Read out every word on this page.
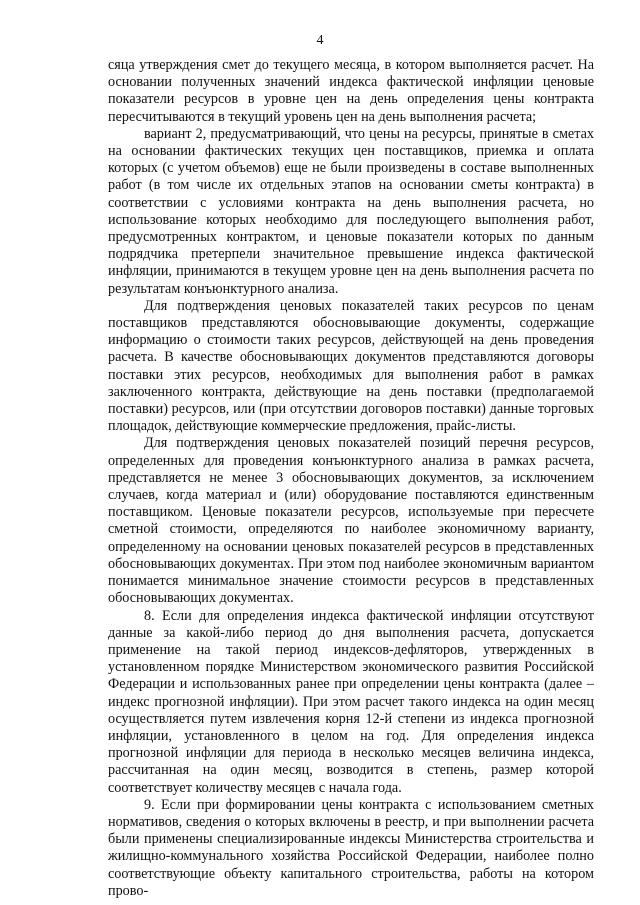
4

сяца утверждения смет до текущего месяца, в котором выполняется расчет. На основании полученных значений индекса фактической инфляции ценовые показатели ресурсов в уровне цен на день определения цены контракта пересчитываются в текущий уровень цен на день выполнения расчета;

вариант 2, предусматривающий, что цены на ресурсы, принятые в сметах на основании фактических текущих цен поставщиков, приемка и оплата которых (с учетом объемов) еще не были произведены в составе выполненных работ (в том числе их отдельных этапов на основании сметы контракта) в соответствии с условиями контракта на день выполнения расчета, но использование которых необходимо для последующего выполнения работ, предусмотренных контрактом, и ценовые показатели которых по данным подрядчика претерпели значительное превышение индекса фактической инфляции, принимаются в текущем уровне цен на день выполнения расчета по результатам конъюнктурного анализа.

Для подтверждения ценовых показателей таких ресурсов по ценам поставщиков представляются обосновывающие документы, содержащие информацию о стоимости таких ресурсов, действующей на день проведения расчета. В качестве обосновывающих документов представляются договоры поставки этих ресурсов, необходимых для выполнения работ в рамках заключенного контракта, действующие на день поставки (предполагаемой поставки) ресурсов, или (при отсутствии договоров поставки) данные торговых площадок, действующие коммерческие предложения, прайс-листы.

Для подтверждения ценовых показателей позиций перечня ресурсов, определенных для проведения конъюнктурного анализа в рамках расчета, представляется не менее 3 обосновывающих документов, за исключением случаев, когда материал и (или) оборудование поставляются единственным поставщиком. Ценовые показатели ресурсов, используемые при пересчете сметной стоимости, определяются по наиболее экономичному варианту, определенному на основании ценовых показателей ресурсов в представленных обосновывающих документах. При этом под наиболее экономичным вариантом понимается минимальное значение стоимости ресурсов в представленных обосновывающих документах.

8. Если для определения индекса фактической инфляции отсутствуют данные за какой-либо период до дня выполнения расчета, допускается применение на такой период индексов-дефляторов, утвержденных в установленном порядке Министерством экономического развития Российской Федерации и использованных ранее при определении цены контракта (далее – индекс прогнозной инфляции). При этом расчет такого индекса на один месяц осуществляется путем извлечения корня 12-й степени из индекса прогнозной инфляции, установленного в целом на год. Для определения индекса прогнозной инфляции для периода в несколько месяцев величина индекса, рассчитанная на один месяц, возводится в степень, размер которой соответствует количеству месяцев с начала года.

9. Если при формировании цены контракта с использованием сметных нормативов, сведения о которых включены в реестр, и при выполнении расчета были применены специализированные индексы Министерства строительства и жилищно-коммунального хозяйства Российской Федерации, наиболее полно соответствующие объекту капитального строительства, работы на котором прово-
